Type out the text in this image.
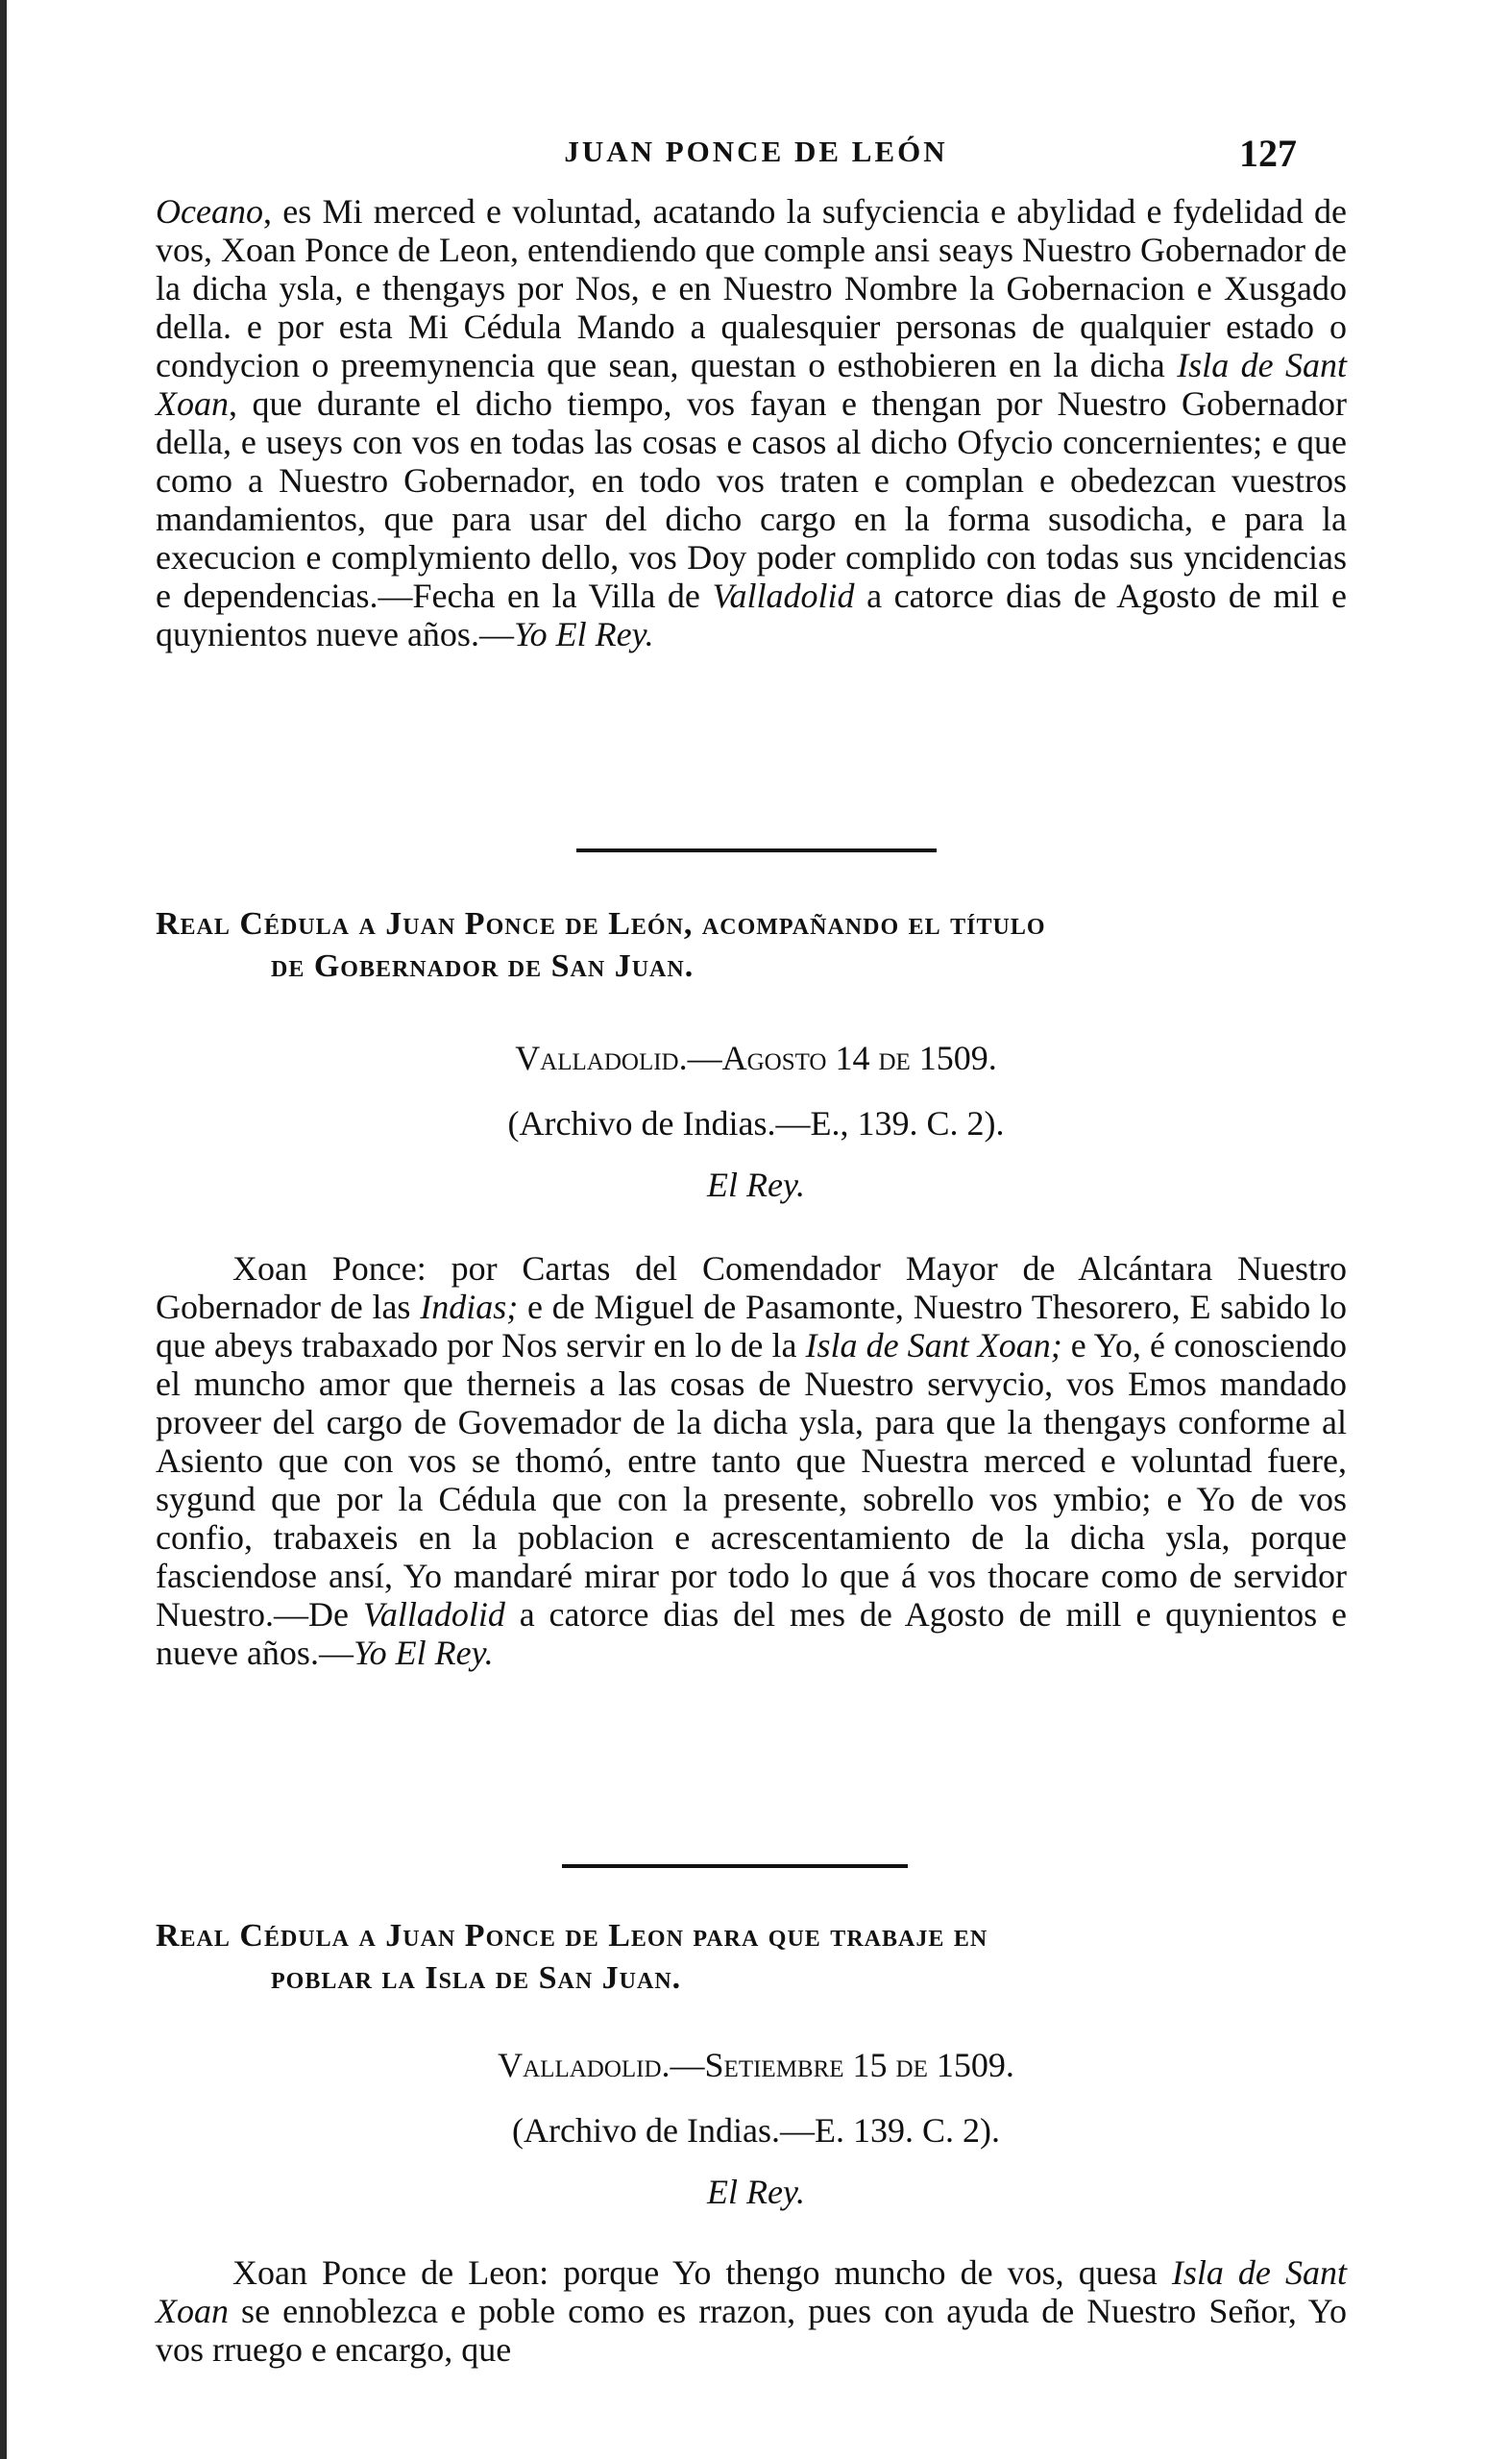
JUAN PONCE DE LEÓN	127

Oceano, es Mi merced e voluntad, acatando la sufyciencia e abylidad e fydelidad de vos, Xoan Ponce de Leon, entendiendo que comple ansi seays Nuestro Gobernador de la dicha ysla, e thengays por Nos, e en Nuestro Nombre la Gobernacion e Xusgado della. e por esta Mi Cédula Mando a qualesquier personas de qualquier estado o condycion o preemynencia que sean, questan o esthobieren en la dicha Isla de Sant Xoan, que durante el dicho tiempo, vos fayan e thengan por Nuestro Gobernador della, e useys con vos en todas las cosas e casos al dicho Ofycio concernientes; e que como a Nuestro Gobernador, en todo vos traten e complan e obedezcan vuestros mandamientos, que para usar del dicho cargo en la forma susodicha, e para la execucion e complymiento dello, vos Doy poder complido con todas sus yncidencias e dependencias.—Fecha en la Villa de Valladolid a catorce dias de Agosto de mil e quynientos nueve años.—Yo El Rey.

Real Cédula a Juan Ponce de León, acompañando el título
de Gobernador de San Juan.
Valladolid.—Agosto 14 de 1509.
(Archivo de Indias.—E., 139. C. 2).
El Rey.

Xoan Ponce: por Cartas del Comendador Mayor de Alcántara Nuestro Gobernador de las Indias; e de Miguel de Pasamonte, Nuestro Thesorero, E sabido lo que abeys trabaxado por Nos servir en lo de la Isla de Sant Xoan; e Yo, é conosciendo el muncho amor que therneis a las cosas de Nuestro servycio, vos Emos mandado proveer del cargo de Govemador de la dicha ysla, para que la thengays conforme al Asiento que con vos se thomó, entre tanto que Nuestra merced e voluntad fuere, sygund que por la Cédula que con la presente, sobrello vos ymbio; e Yo de vos confio, trabaxeis en la poblacion e acrescentamiento de la dicha ysla, porque fasciendose ansí, Yo mandaré mirar por todo lo que á vos thocare como de servidor Nuestro.—De Valladolid a catorce dias del mes de Agosto de mill e quynientos e nueve años.—Yo El Rey.

Real Cédula a Juan Ponce de Leon para que trabaje en
poblar la Isla de San Juan.
Valladolid.—Setiembre 15 de 1509.
(Archivo de Indias.—E. 139. C. 2).
El Rey.

Xoan Ponce de Leon: porque Yo thengo muncho de vos, quesa Isla de Sant Xoan se ennoblezca e poble como es rrazon, pues con ayuda de Nuestro Señor, Yo vos rruego e encargo, que
